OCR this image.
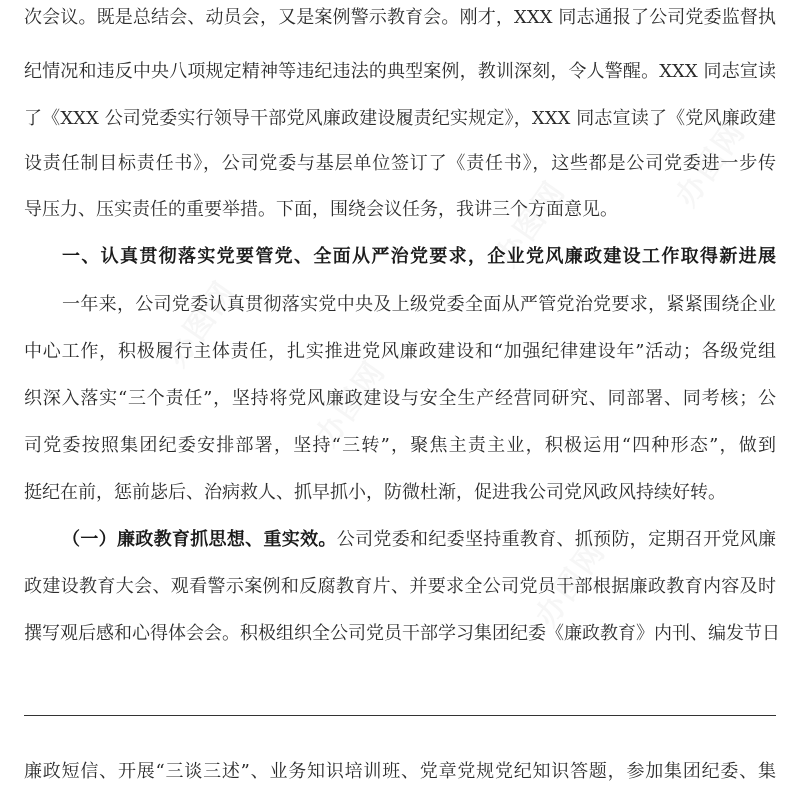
办图网
办图网
办图网
办图网
办图网
次会议。既是总结会、动员会，又是案例警示教育会。刚才，XXX 同志通报了公司党委监督执
纪情况和违反中央八项规定精神等违纪违法的典型案例，教训深刻，令人警醒。XXX 同志宣读
了《XXX 公司党委实行领导干部党风廉政建设履责纪实规定》，XXX 同志宣读了《党风廉政建
设责任制目标责任书》，公司党委与基层单位签订了《责任书》，这些都是公司党委进一步传
导压力、压实责任的重要举措。下面，围绕会议任务，我讲三个方面意见。
一、认真贯彻落实党要管党、全面从严治党要求，企业党风廉政建设工作取得新进展
一年来，公司党委认真贯彻落实党中央及上级党委全面从严管党治党要求，紧紧围绕企业
中心工作，积极履行主体责任，扎实推进党风廉政建设和“加强纪律建设年”活动；各级党组
织深入落实“三个责任”，坚持将党风廉政建设与安全生产经营同研究、同部署、同考核；公
司党委按照集团纪委安排部署，坚持“三转”，聚焦主责主业，积极运用“四种形态”，做到
挺纪在前，惩前毖后、治病救人、抓早抓小，防微杜渐，促进我公司党风政风持续好转。
（一）廉政教育抓思想、重实效。公司党委和纪委坚持重教育、抓预防，定期召开党风廉
政建设教育大会、观看警示案例和反腐教育片、并要求全公司党员干部根据廉政教育内容及时
撰写观后感和心得体会会。积极组织全公司党员干部学习集团纪委《廉政教育》内刊、编发节日
廉政短信、开展“三谈三述”、业务知识培训班、党章党规党纪知识答题，参加集团纪委、集
